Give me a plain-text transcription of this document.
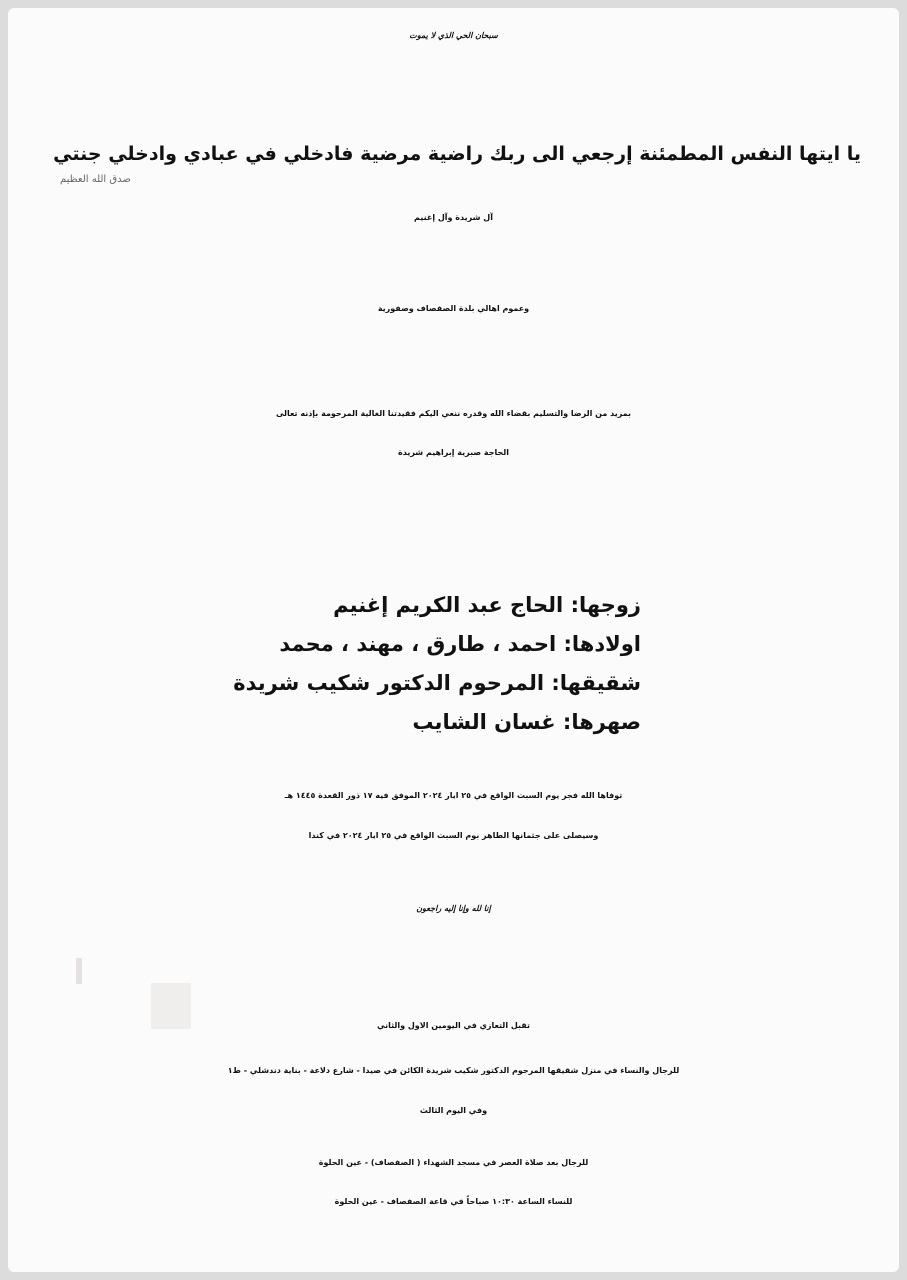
سبحان الحي الذي لا يموت
يا ايتها النفس المطمئنة إرجعي الى ربك راضية مرضية فادخلي في عبادي وادخلي جنتي
صدق الله العظيم
آل شريدة وآل إغنيم
وعموم اهالي بلدة الصفصاف وصفورية
بمزيد من الرضا والتسليم بقضاء الله وقدره ننعي اليكم فقيدتنا الغالية المرحومة بإذنه تعالى
الحاجة صبرية إبراهيم شريدة
زوجها: الحاج عبد الكريم إغنيم
اولادها: احمد ، طارق ، مهند ، محمد
شقيقها: المرحوم الدكتور شكيب شريدة
صهرها: غسان الشايب
توفاها الله فجر يوم السبت الواقع في ٢٥ ايار ٢٠٢٤ الموفق فيه ١٧ ذور القعدة ١٤٤٥ هـ
وسيصلى على جثمانها الطاهر بوم السبت الواقع في ٢٥ ايار ٢٠٢٤ في كندا
إنا لله وإنا إليه راجعون
تقبل التعازي في اليومين الاول والثاني
للرجال والنساء في منزل شقيقها المرحوم الدكتور شكيب شريدة الكائن في صيدا - شارع دلاعة - بناية دندشلي - ط١
وفي اليوم الثالث
للرجال بعد صلاة العصر في مسجد الشهداء ( الصفصاف) - عين الحلوة
للنساء الساعة ١٠:٣٠ صباحاً في قاعة الصفصاف - عين الحلوة
